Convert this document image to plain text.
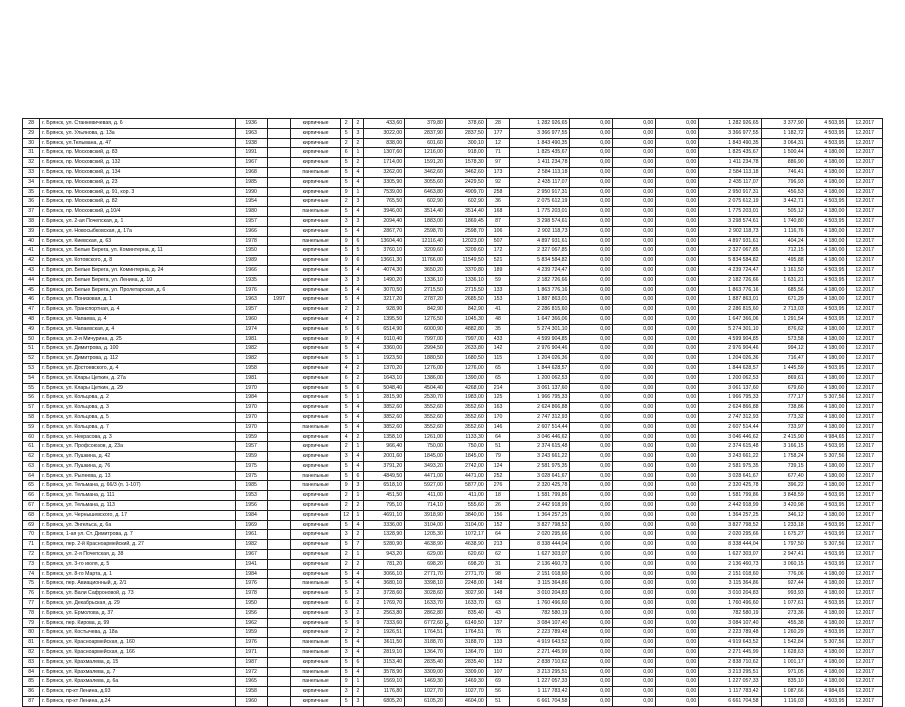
28	г. Брянск, ул. Станкевичевая, д. 6	1936		кирпичные	2	2	433,60	379,80	378,60	28	1 282 926,65	0,00	0,00	0,00	1 282 926,65	3 377,90	4 503,95	12.2017
29	г. Брянск, ул. Ульянова, д. 13а	1963		кирпичные	5	3	3022,00	2837,90	2837,50	177	3 366 977,55	0,00	0,00	0,00	3 366 977,55	1 182,72	4 503,95	12.2017
30	г. Брянск, ул.Тельмана, д. 47	1938		кирпичные	2	2	838,00	601,60	300,10	12	1 843 490,35	0,00	0,00	0,00	1 843 490,35	3 064,31	4 503,95	12.2017
31	г. Брянск, пр. Московский, д. 83	1991		кирпичные	6	1	1307,60	1216,00	918,00	71	1 825 435,67	0,00	0,00	0,00	1 825 435,67	1 500,44	4 180,00	12.2017
32	г. Брянск, пр. Московский, д. 132	1967		кирпичные	5	2	1714,00	1591,20	1578,30	97	1 411 234,78	0,00	0,00	0,00	1 411 234,78	886,90	4 180,00	12.2017
33	г. Брянск, пр. Московский, д. 134	1968		панельные	5	4	3262,00	3462,60	3462,60	173	2 584 113,18	0,00	0,00	0,00	2 584 113,18	746,41	4 180,00	12.2017
34	г. Брянск, пр. Московский, д. 23	1985		кирпичные	5	4	3305,90	3055,60	2429,50	92	2 435 117,07	0,00	0,00	0,00	2 435 117,07	796,93	4 180,00	12.2017
35	г. Брянск, пр. Московский, д. 91, кор. 3	1990		кирпичные	9	1	7539,00	6463,80	4909,70	258	2 950 917,31	0,00	0,00	0,00	2 950 917,31	456,53	4 180,00	12.2017
36	г. Брянск, пр. Московский, д. 82	1954		кирпичные	2	3	765,50	602,90	602,90	36	2 075 612,19	0,00	0,00	0,00	2 075 612,19	3 442,71	4 503,95	12.2017
37	г. Брянск, пр. Московский, д.10/4	1980		панельные	5	4	3946,00	3514,40	3514,40	168	1 775 203,01	0,00	0,00	0,00	1 775 203,01	505,12	4 180,00	12.2017
38	г. Брянск, ул. 2-ая Почепская, д. 1	1957		кирпичные	3	3	2094,40	1883,00	1869,45	87	3 298 574,61	0,00	0,00	0,00	3 298 574,61	1 740,80	4 503,95	12.2017
39	г. Брянск, ул. Новосыбковская, д. 17а	1966		кирпичные	5	4	2867,70	2598,70	2598,70	106	2 902 118,73	0,00	0,00	0,00	2 902 118,73	1 116,76	4 180,00	12.2017
40	г. Брянск, ул. Киевская, д. 63	1978		панельные	9	6	13604,40	12116,40	12023,00	507	4 897 931,61	0,00	0,00	0,00	4 897 931,61	404,24	4 180,00	12.2017
41	г. Брянск, ул. Белые Берега, ул. Коминтерна, д. 11	1950		кирпичные	5	5	3760,10	3209,60	3209,60	172	2 327 067,85	0,00	0,00	0,00	2 327 067,85	712,15	4 180,00	12.2017
42	г. Брянск, ул. Котовского, д. 8	1989		кирпичные	9	6	13661,30	11766,00	11549,50	521	5 834 584,82	0,00	0,00	0,00	5 834 584,82	495,88	4 180,00	12.2017
43	г. Брянск, рп. Белые Берега, ул. Коминтерна, д. 24	1966		кирпичные	5	4	4074,30	3650,20	3370,80	189	4 239 724,47	0,00	0,00	0,00	4 239 724,47	1 161,50	4 503,95	12.2017
44	г. Брянск, рп. Белые Берега, ул. Ленина, д. 10	1935		кирпичные	3	3	1490,20	1336,10	1336,10	59	2 182 726,66	0,00	0,00	0,00	2 182 726,66	1 631,21	4 503,95	12.2017
45	г. Брянск, рп. Белые Берега, ул. Пролетарская, д. 6	1976		кирпичные	5	4	3070,50	2715,50	2715,50	133	1 863 776,16	0,00	0,00	0,00	1 863 776,16	685,56	4 180,00	12.2017
46	г. Брянск, ул. Понизовая, д. 1	1963	1997	кирпичные	5	4	3217,20	2787,20	2685,50	153	1 887 863,01	0,00	0,00	0,00	1 887 863,01	671,29	4 180,00	12.2017
47	г. Брянск, ул. Транспортная, д. 4	1957		кирпичные	2	2	928,90	842,90	842,90	41	2 286 815,60	0,00	0,00	0,00	2 286 815,60	2 713,03	4 503,95	12.2017
48	г. Брянск, ул. Чапаева, д. 4	1960		кирпичные	4	2	1395,50	1276,50	1045,30	48	1 647 366,06	0,00	0,00	0,00	1 647 366,06	1 291,54	4 503,95	12.2017
49	г. Брянск, ул. Чапаевская, д. 4	1974		кирпичные	5	6	6514,90	6000,90	4882,80	35	5 274 301,10	0,00	0,00	0,00	5 274 301,10	876,62	4 180,00	12.2017
50	г. Брянск, ул. 2-я Мичурина, д. 25	1981		кирпичные	9	4	9110,40	7997,00	7997,00	433	4 599 904,85	0,00	0,00	0,00	4 599 904,85	573,58	4 180,00	12.2017
51	г. Брянск, ул. Димитрова, д. 100	1982		кирпичные	5	4	3360,00	2994,50	2633,80	142	2 976 904,46	0,00	0,00	0,00	2 976 904,46	994,12	4 180,00	12.2017
52	г. Брянск, ул. Димитрова, д. 112	1982		кирпичные	5	1	1923,50	1880,50	1680,50	115	1 204 026,36	0,00	0,00	0,00	1 204 026,36	716,47	4 180,00	12.2017
53	г. Брянск, ул. Достоевского, д. 4	1958		кирпичные	4	2	1370,20	1276,00	1276,00	65	1 844 628,57	0,00	0,00	0,00	1 844 628,57	1 445,59	4 503,95	12.2017
54	г. Брянск, ул. Клары Цеткин, д. 27а	1981		кирпичные	6	2	1643,10	1386,00	1390,00	65	1 200 062,53	0,00	0,00	0,00	1 200 062,53	869,61	4 180,00	12.2017
55	г. Брянск, ул. Клары Цеткин, д. 29	1970		кирпичные	5	6	5048,40	4504,40	4268,00	214	3 061 137,60	0,00	0,00	0,00	3 061 137,60	679,60	4 180,00	12.2017
56	г. Брянск, ул. Кольцова, д. 2	1984		кирпичные	5	1	2815,90	2530,70	1983,00	125	1 966 795,33	0,00	0,00	0,00	1 966 795,33	777,17	5 307,56	12.2017
57	г. Брянск, ул. Кольцова, д. 3	1970		кирпичные	5	4	3852,60	3552,60	3552,60	163	2 624 866,88	0,00	0,00	0,00	2 624 866,88	738,86	4 180,00	12.2017
58	г. Брянск, ул. Кольцова, д. 5	1970		кирпичные	5	4	3852,60	3552,60	3552,60	170	2 747 312,93	0,00	0,00	0,00	2 747 312,93	773,32	4 180,00	12.2017
59	г. Брянск, ул. Кольцова, д. 7	1970		панельные	5	4	3852,60	3552,60	3552,60	146	2 607 514,44	0,00	0,00	0,00	2 607 514,44	733,97	4 180,00	12.2017
60	г. Брянск, ул. Некрасова, д. 3	1959		кирпичные	4	2	1358,10	1261,00	1133,30	64	3 046 446,62	0,00	0,00	0,00	3 046 446,62	2 415,90	4 984,65	12.2017
61	г. Брянск, ул. Профсоюзов, д. 23а	1957		кирпичные	2	1	966,40	750,00	750,00	51	2 374 615,48	0,00	0,00	0,00	2 374 615,48	3 166,15	4 503,95	12.2017
62	г. Брянск, ул. Пушкина, д. 42	1959		кирпичные	3	4	2001,60	1845,00	1845,00	79	3 243 661,22	0,00	0,00	0,00	3 243 661,22	1 758,24	5 307,56	12.2017
63	г. Брянск, ул. Пушкина, д. 76	1975		кирпичные	5	4	3791,20	3493,20	2742,00	124	2 581 975,35	0,00	0,00	0,00	2 581 975,35	739,15	4 180,00	12.2017
64	г. Брянск, ул. Рылеева, д. 13	1975		панельные	5	6	4849,50	4471,00	4471,00	252	3 028 641,67	0,00	0,00	0,00	3 028 641,67	677,40	4 180,00	12.2017
65	г. Брянск, ул. Тельмана, д. 66/3 (п. 1-107)	1985		панельные	9	3	6518,10	5927,00	5877,00	276	2 320 425,78	0,00	0,00	0,00	2 320 425,78	396,22	4 180,00	12.2017
66	г. Брянск, ул. Тельмана, д. 111	1953		кирпичные	2	1	451,50	411,00	411,00	18	1 581 799,86	0,00	0,00	0,00	1 581 799,86	3 848,59	4 503,95	12.2017
67	г. Брянск, ул. Тельмана, д. 113	1956		кирпичные	2	2	795,10	714,10	555,60	26	2 442 918,99	0,00	0,00	0,00	2 442 918,99	3 420,98	4 503,95	12.2017
68	г. Брянск, ул. Чернышевского, д. 17	1984		кирпичные	12	1	4691,10	3918,90	3840,00	156	1 364 257,25	0,00	0,00	0,00	1 364 257,25	346,12	4 180,00	12.2017
69	г. Брянск, ул. Энгельса, д. 6а	1969		кирпичные	5	4	3336,00	3104,00	3104,00	152	3 827 798,52	0,00	0,00	0,00	3 827 798,52	1 233,18	4 503,95	12.2017
70	г. Брянск, 1-ая ул. Ст. Димитрова, д. 7	1961		кирпичные	3	2	1328,90	1205,30	1072,17	64	2 020 295,66	0,00	0,00	0,00	2 020 295,66	1 675,27	4 503,95	12.2017
71	г. Брянск, пер. 2-й Красноармейский, д. 27	1982		кирпичные	5	7	5280,90	4638,90	4638,90	213	8 338 444,04	0,00	0,00	0,00	8 338 444,04	1 797,50	5 307,56	12.2017
72	г. Брянск, ул. 2-я Почепская, д. 38	1967		кирпичные	2	1	943,20	629,00	620,60	62	1 627 303,07	0,00	0,00	0,00	1 627 303,07	2 947,41	4 503,95	12.2017
73	г. Брянск, ул. 3-го июля, д. 5	1941		кирпичные	2	2	781,20	698,20	698,20	31	2 136 460,73	0,00	0,00	0,00	2 136 460,73	3 060,15	4 503,95	12.2017
74	г. Брянск, ул. 8-го Марта, д. 1	1984		кирпичные	5	4	3066,10	2771,70	2771,70	98	2 151 018,60	0,00	0,00	0,00	2 151 018,60	776,06	4 180,00	12.2017
75	г. Брянск, пер. Авиационный, д. 2/1	1976		панельные	5	4	3680,10	3398,10	2248,00	148	3 115 364,86	0,00	0,00	0,00	3 115 364,86	927,44	4 180,00	12.2017
76	г. Брянск, ул. Вали Сафроновой, д. 73	1978		кирпичные	5	2	3728,60	3028,60	3027,90	148	3 010 204,83	0,00	0,00	0,00	3 010 204,83	993,93	4 180,00	12.2017
77	г. Брянск, ул. Декабрьская, д. 29	1950		кирпичные	6	2	1769,70	1633,70	1633,70	63	1 760 496,60	0,00	0,00	0,00	1 760 496,60	1 077,61	4 503,95	12.2017
78	г. Брянск, ул. Ермолова, д. 37	1956		кирпичные	3	2	2563,80	2862,80	835,40	43	782 580,19	0,00	0,00	0,00	782 580,19	273,36	4 180,00	12.2017
79	г. Брянск, пер. Кирова, д. 99	1962		кирпичные	5	9	7333,60	6772,60	6149,50	137	3 084 107,40	0,00	0,00	0,00	3 084 107,40	455,38	4 180,00	12.2017
80	г. Брянск, ул. Костычева, д. 18а	1959		кирпичные	2	2	1926,51	1764,51	1764,51	76	2 223 789,48	0,00	0,00	0,00	2 223 789,48	1 260,29	4 503,95	12.2017
81	г. Брянск, ул. Красноармейская, д. 160	1976		панельные	5	4	3611,50	3188,70	3188,70	133	4 919 643,52	0,00	0,00	0,00	4 919 643,52	1 542,84	5 307,56	12.2017
82	г. Брянск, ул. Красноармейская, д. 166	1971		панельные	3	4	2819,10	1364,70	1364,70	110	2 271 445,99	0,00	0,00	0,00	2 271 445,99	1 628,63	4 180,00	12.2017
83	г. Брянск, ул. Крахмалева, д. 15	1987		кирпичные	5	6	3153,40	2835,40	2835,40	152	2 838 710,62	0,00	0,00	0,00	2 838 710,62	1 001,17	4 180,00	12.2017
84	г. Брянск, ул. Крахмалева, д. 7	1972		панельные	5	4	3578,90	3309,00	3309,00	107	3 213 295,51	0,00	0,00	0,00	3 213 295,51	971,05	4 180,00	12.2017
85	г. Брянск, ул. Крахмалева, д. 6а	1965		панельные	9	1	1569,10	1469,30	1469,30	69	1 227 057,33	0,00	0,00	0,00	1 227 057,33	835,10	4 180,00	12.2017
86	г. Брянск, пр-кт Ленина, д.93	1958		кирпичные	3	2	1176,80	1027,70	1027,70	56	1 117 783,42	0,00	0,00	0,00	1 117 783,42	1 087,66	4 984,65	12.2017
87	г. Брянск, пр-кт Ленина, д.24	1960		кирпичные	5	3	6805,20	6105,20	4604,00	51	6 661 704,58	0,00	0,00	0,00	6 661 704,58	1 116,03	4 503,95	12.2017
2
